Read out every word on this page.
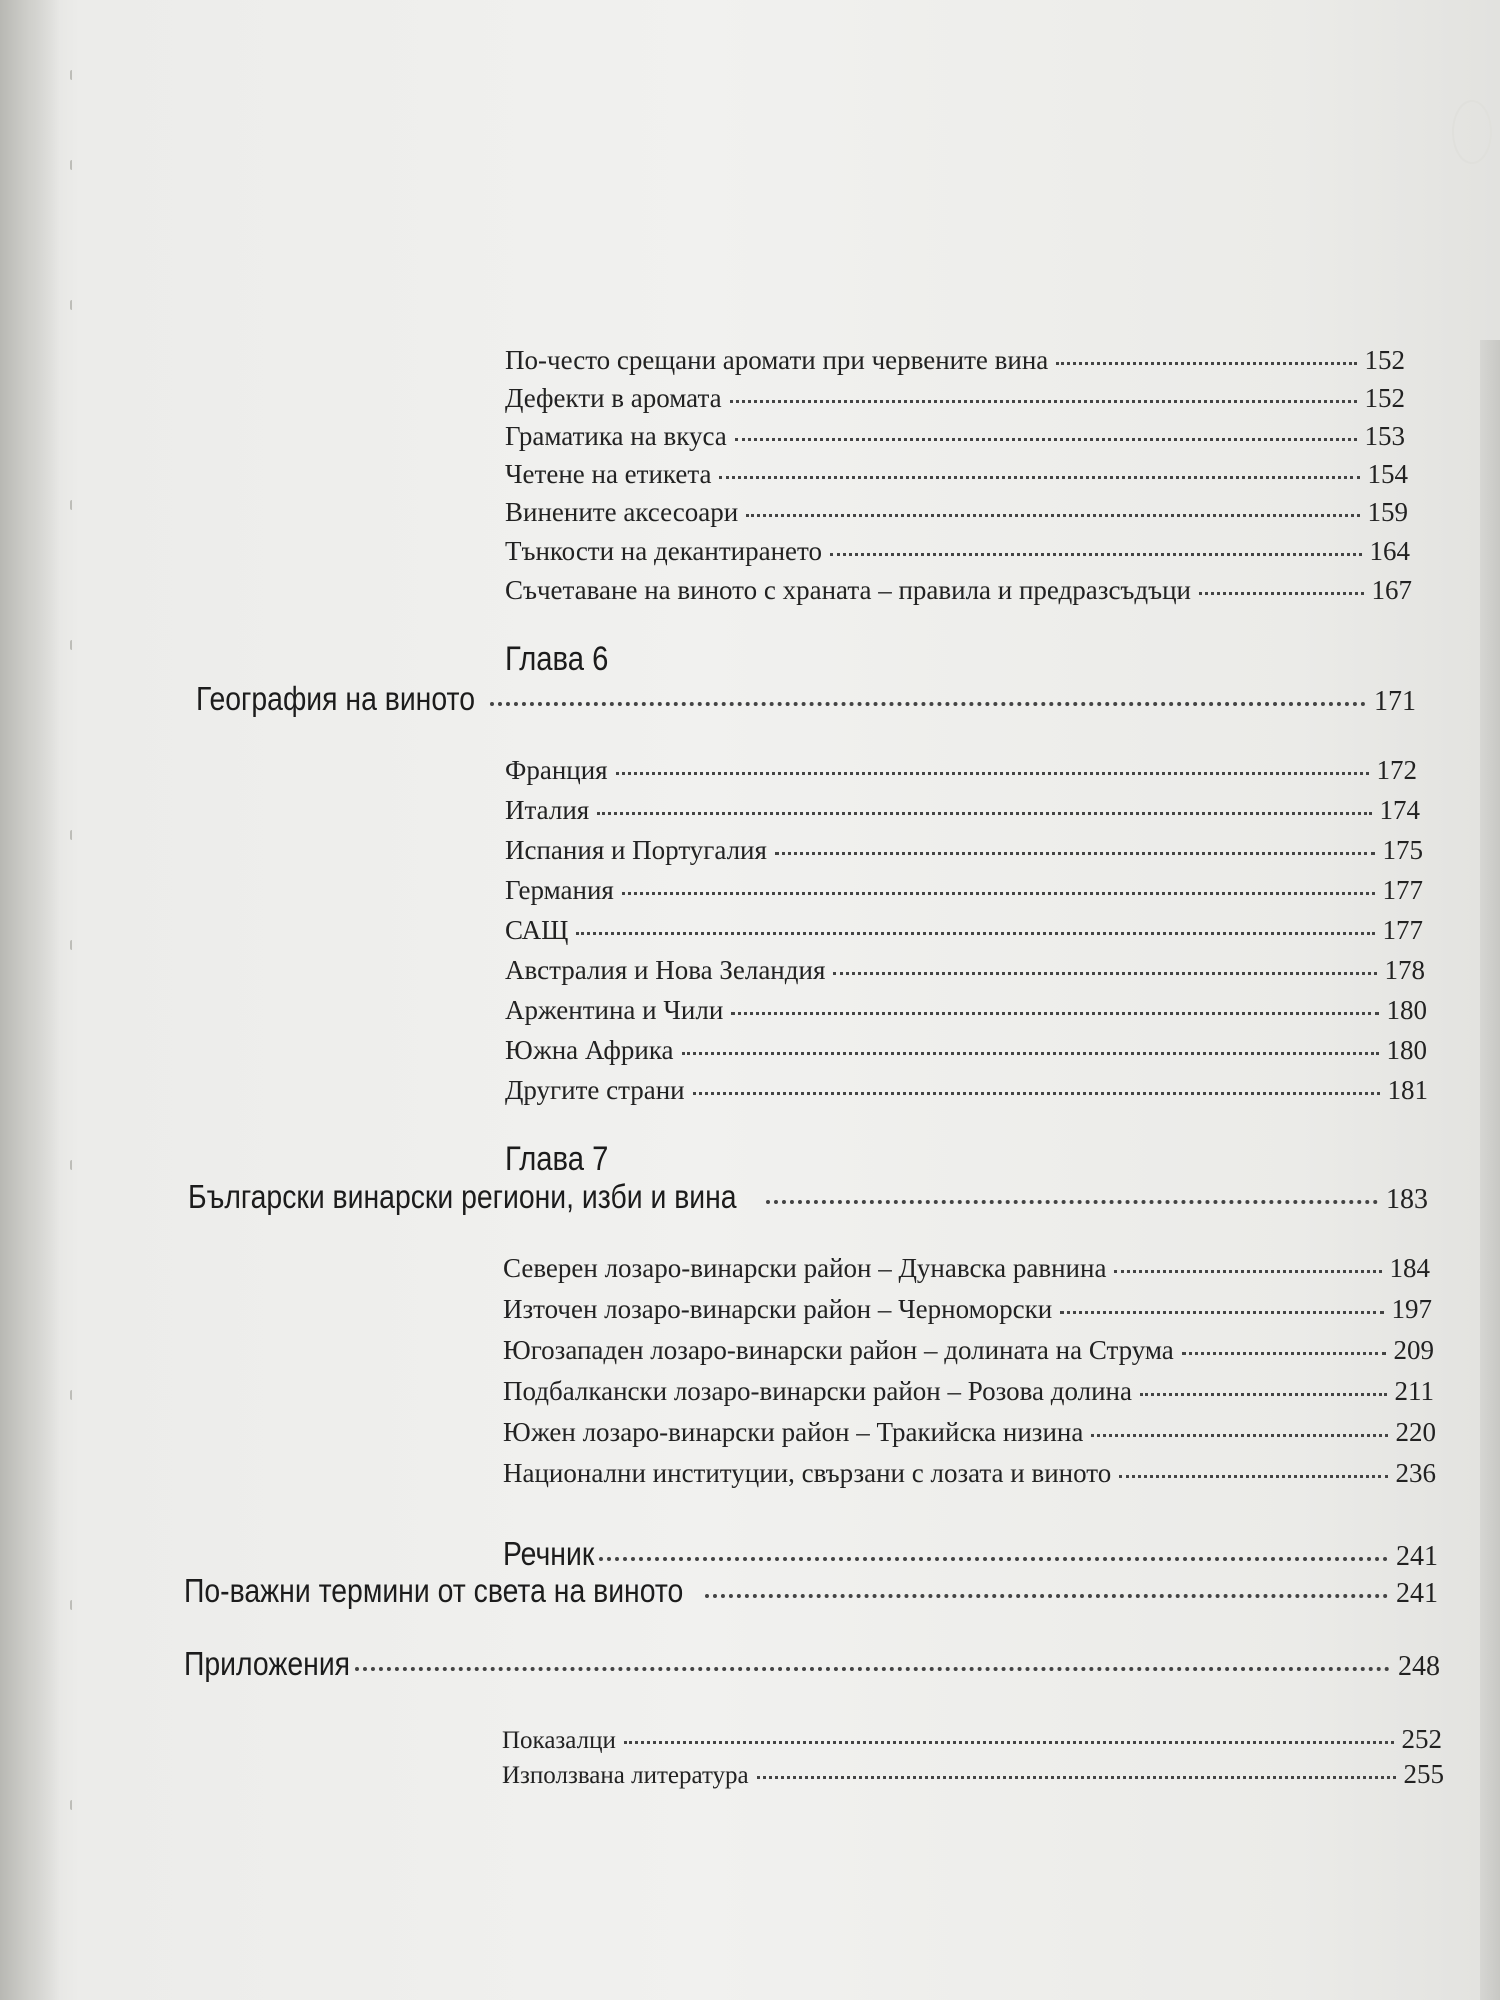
По-често срещани аромати при червените вина	152
Дефекти в аромата	152
Граматика на вкуса	153
Четене на етикета	154
Винените аксесоари	159
Тънкости на декантирането	164
Съчетаване на виното с храната – правила и предразсъдъци	167
Глава 6
География на виното	171
Франция	172
Италия	174
Испания и Португалия	175
Германия	177
САЩ	177
Австралия и Нова Зеландия	178
Аржентина и Чили	180
Южна Африка	180
Другите страни	181
Глава 7
Български винарски региони, изби и вина	183
Северен лозаро-винарски район – Дунавска равнина	184
Източен лозаро-винарски район – Черноморски	197
Югозападен лозаро-винарски район – долината на Струма	209
Подбалкански лозаро-винарски район – Розова долина	211
Южен лозаро-винарски район – Тракийска низина	220
Национални институции, свързани с лозата и виното	236
Речник	241
По-важни термини от света на виното	241
Приложения	248
Показалци	252
Използвана литература	255
